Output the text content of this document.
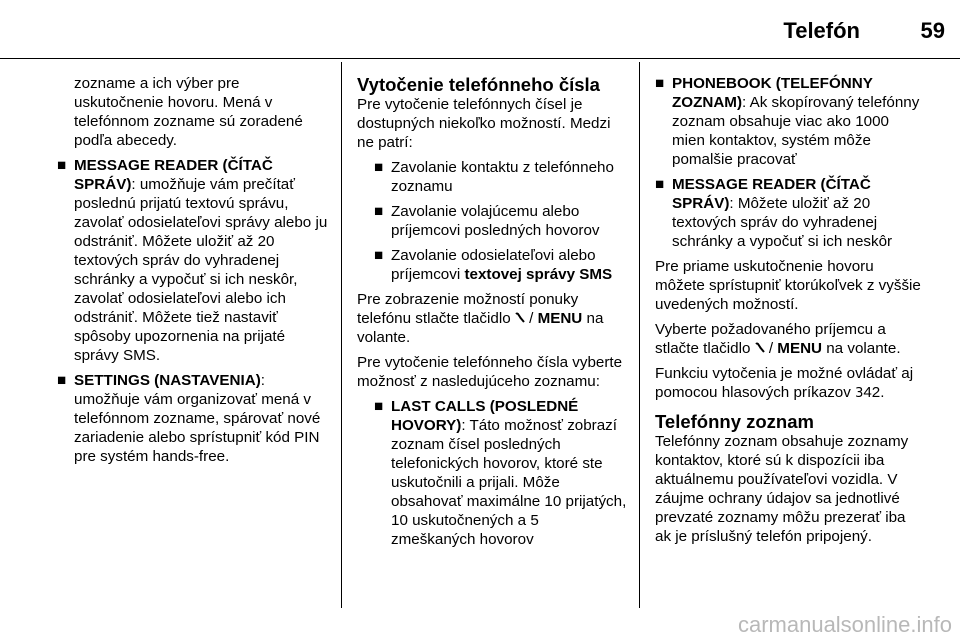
Telefón	59

zozname a ich výber pre uskutočnenie hovoru. Mená v telefónnom zozname sú zoradené podľa abecedy.

■ MESSAGE READER (ČÍTAČ SPRÁV): umožňuje vám prečítať poslednú prijatú textovú správu, zavolať odosielateľovi správy alebo ju odstrániť. Môžete uložiť až 20 textových správ do vyhradenej schránky a vypočuť si ich neskôr, zavolať odosielateľovi alebo ich odstrániť. Môžete tiež nastaviť spôsoby upozornenia na prijaté správy SMS.
■ SETTINGS (NASTAVENIA): umožňuje vám organizovať mená v telefónnom zozname, spárovať nové zariadenie alebo sprístupniť kód PIN pre systém hands-free.
Vytočenie telefónneho čísla

Pre vytočenie telefónnych čísel je dostupných niekoľko možností. Medzi ne patrí:

■ Zavolanie kontaktu z telefónneho zoznamu
■ Zavolanie volajúcemu alebo príjemcovi posledných hovorov
■ Zavolanie odosielateľovi alebo príjemcovi textovej správy SMS

Pre zobrazenie možností ponuky telefónu stlačte tlačidlo  / MENU na volante.

Pre vytočenie telefónneho čísla vyberte možnosť z nasledujúceho zoznamu:

■ LAST CALLS (POSLEDNÉ HOVORY): Táto možnosť zobrazí zoznam čísel posledných telefonických hovorov, ktoré ste uskutočnili a prijali. Môže obsahovať maximálne 10 prijatých, 10 uskutočnených a 5 zmeškaných hovorov
■ PHONEBOOK (TELEFÓNNY ZOZNAM): Ak skopírovaný telefónny zoznam obsahuje viac ako 1000 mien kontaktov, systém môže pomalšie pracovať
■ MESSAGE READER (ČÍTAČ SPRÁV): Môžete uložiť až 20 textových správ do vyhradenej schránky a vypočuť si ich neskôr

Pre priame uskutočnenie hovoru môžete sprístupniť ktorúkoľvek z vyššie uvedených možností.

Vyberte požadovaného príjemcu a stlačte tlačidlo  / MENU na volante.

Funkciu vytočenia je možné ovládať aj pomocou hlasových príkazov 342.

Telefónny zoznam

Telefónny zoznam obsahuje zoznamy kontaktov, ktoré sú k dispozícii iba aktuálnemu používateľovi vozidla. V záujme ochrany údajov sa jednotlivé prevzaté zoznamy môžu prezerať iba ak je príslušný telefón pripojený.

carmanualsonline.info
